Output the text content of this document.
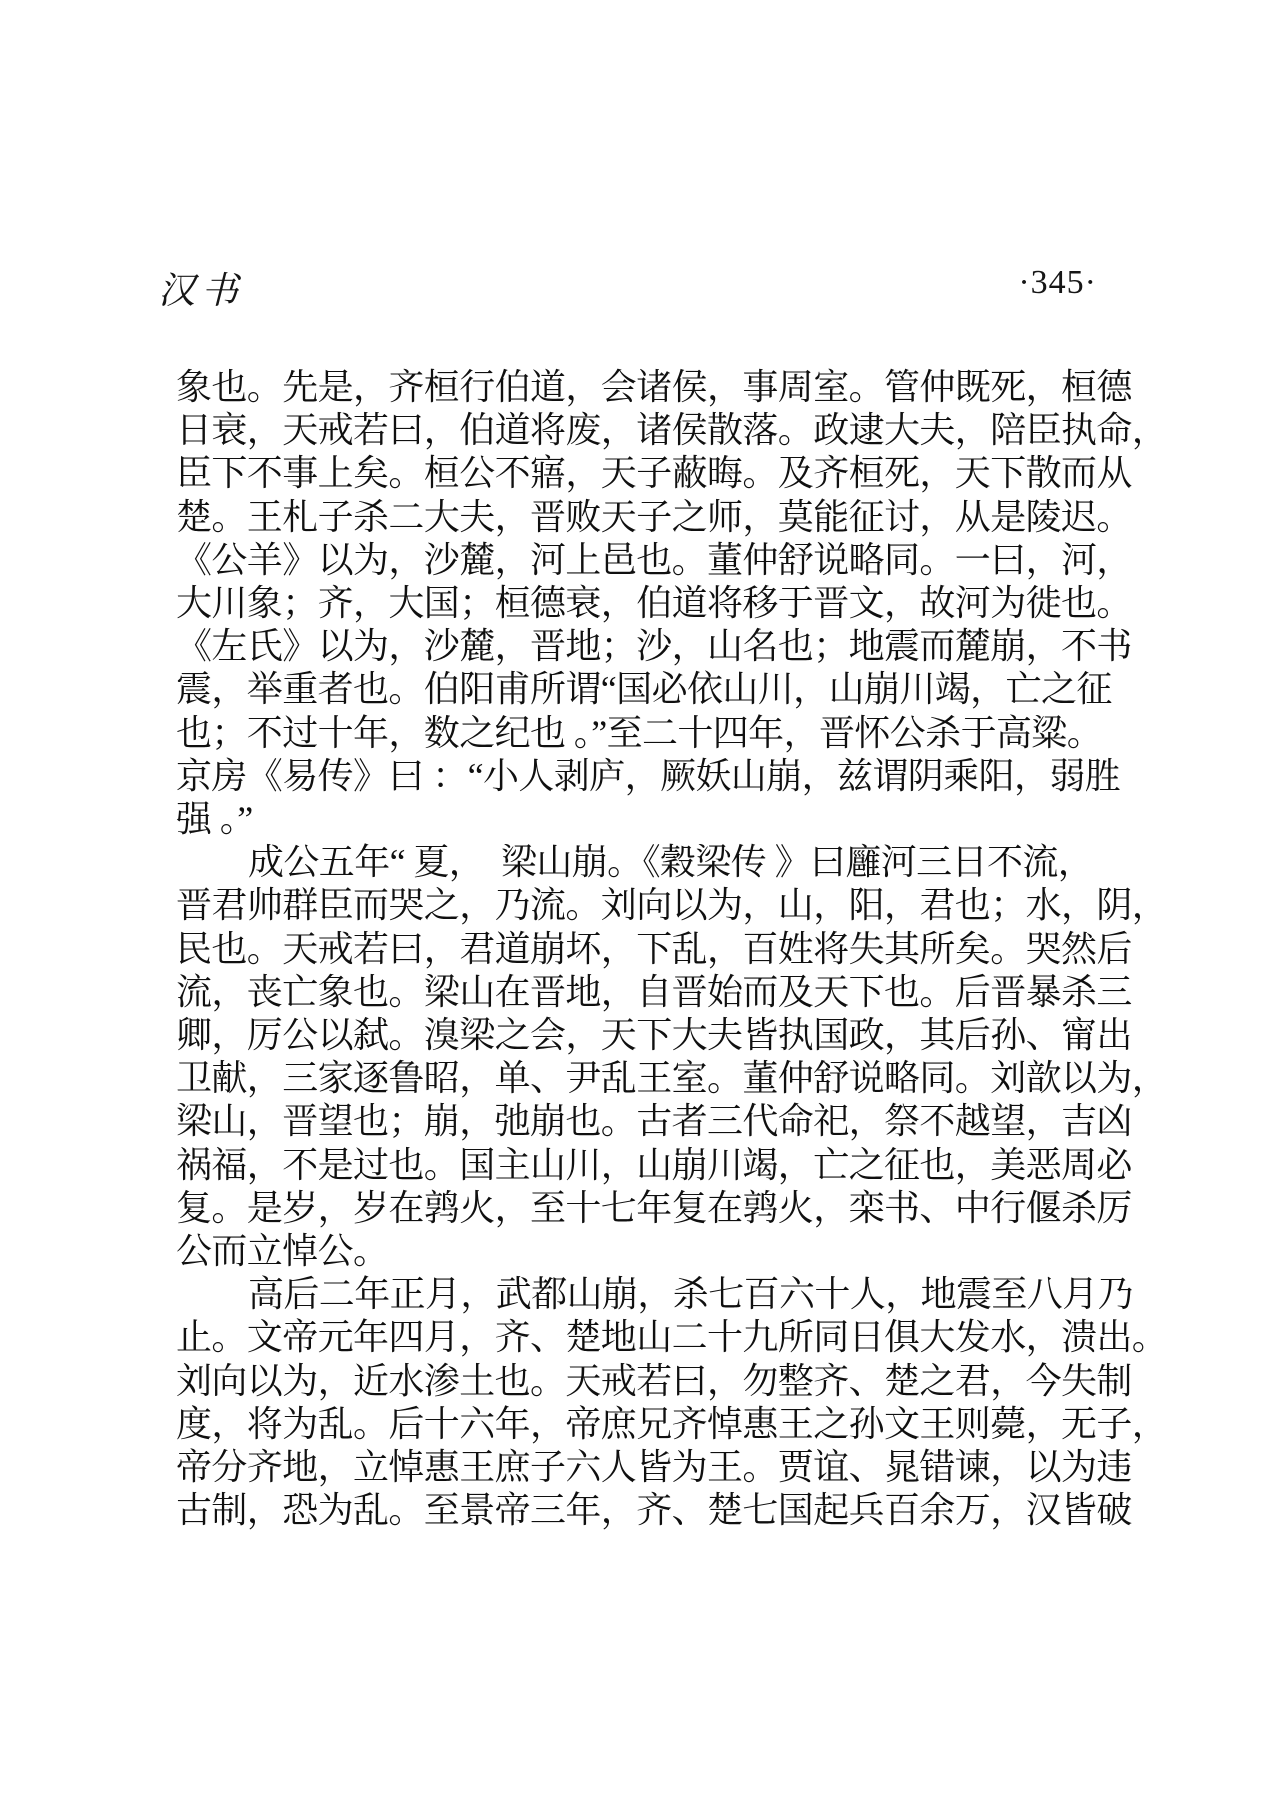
汉书	·345·
象也。先是，齐桓行伯道，会诸侯，事周室。管仲既死，桓德
日衰，天戒若曰，伯道将废，诸侯散落。政逮大夫，陪臣执命，
臣下不事上矣。桓公不寤，天子蔽晦。及齐桓死，天下散而从
楚。王札子杀二大夫，晋败天子之师，莫能征讨，从是陵迟。
《公羊》以为，沙麓，河上邑也。董仲舒说略同。一曰，河，
大川象；齐，大国；桓德衰，伯道将移于晋文，故河为徙也。
《左氏》以为，沙麓，晋地；沙，山名也；地震而麓崩，不书
震，举重者也。伯阳甫所谓“国必依山川，山崩川竭，亡之征
也；不过十年，数之纪也 。”至二十四年，晋怀公杀于高粱。
京房《易传》曰 ：“小人剥庐，厥妖山崩，兹谓阴乘阳，弱胜
强 。”
成公五年“ 夏，  梁山崩。《穀梁传 》曰廱河三日不流，
晋君帅群臣而哭之，乃流。刘向以为，山，阳，君也；水，阴，
民也。天戒若曰，君道崩坏，下乱，百姓将失其所矣。哭然后
流，丧亡象也。梁山在晋地，自晋始而及天下也。后晋暴杀三
卿，厉公以弑。溴梁之会，天下大夫皆执国政，其后孙、甯出
卫献，三家逐鲁昭，单、尹乱王室。董仲舒说略同。刘歆以为，
梁山，晋望也；崩，弛崩也。古者三代命祀，祭不越望，吉凶
祸福，不是过也。国主山川，山崩川竭，亡之征也，美恶周必
复。是岁，岁在鹑火，至十七年复在鹑火，栾书、中行偃杀厉
公而立悼公。
高后二年正月，武都山崩，杀七百六十人，地震至八月乃
止。文帝元年四月，齐、楚地山二十九所同日俱大发水，溃出。
刘向以为，近水渗土也。天戒若曰，勿整齐、楚之君，今失制
度，将为乱。后十六年，帝庶兄齐悼惠王之孙文王则薨，无子，
帝分齐地，立悼惠王庶子六人皆为王。贾谊、晁错谏，以为违
古制，恐为乱。至景帝三年，齐、楚七国起兵百余万，汉皆破
